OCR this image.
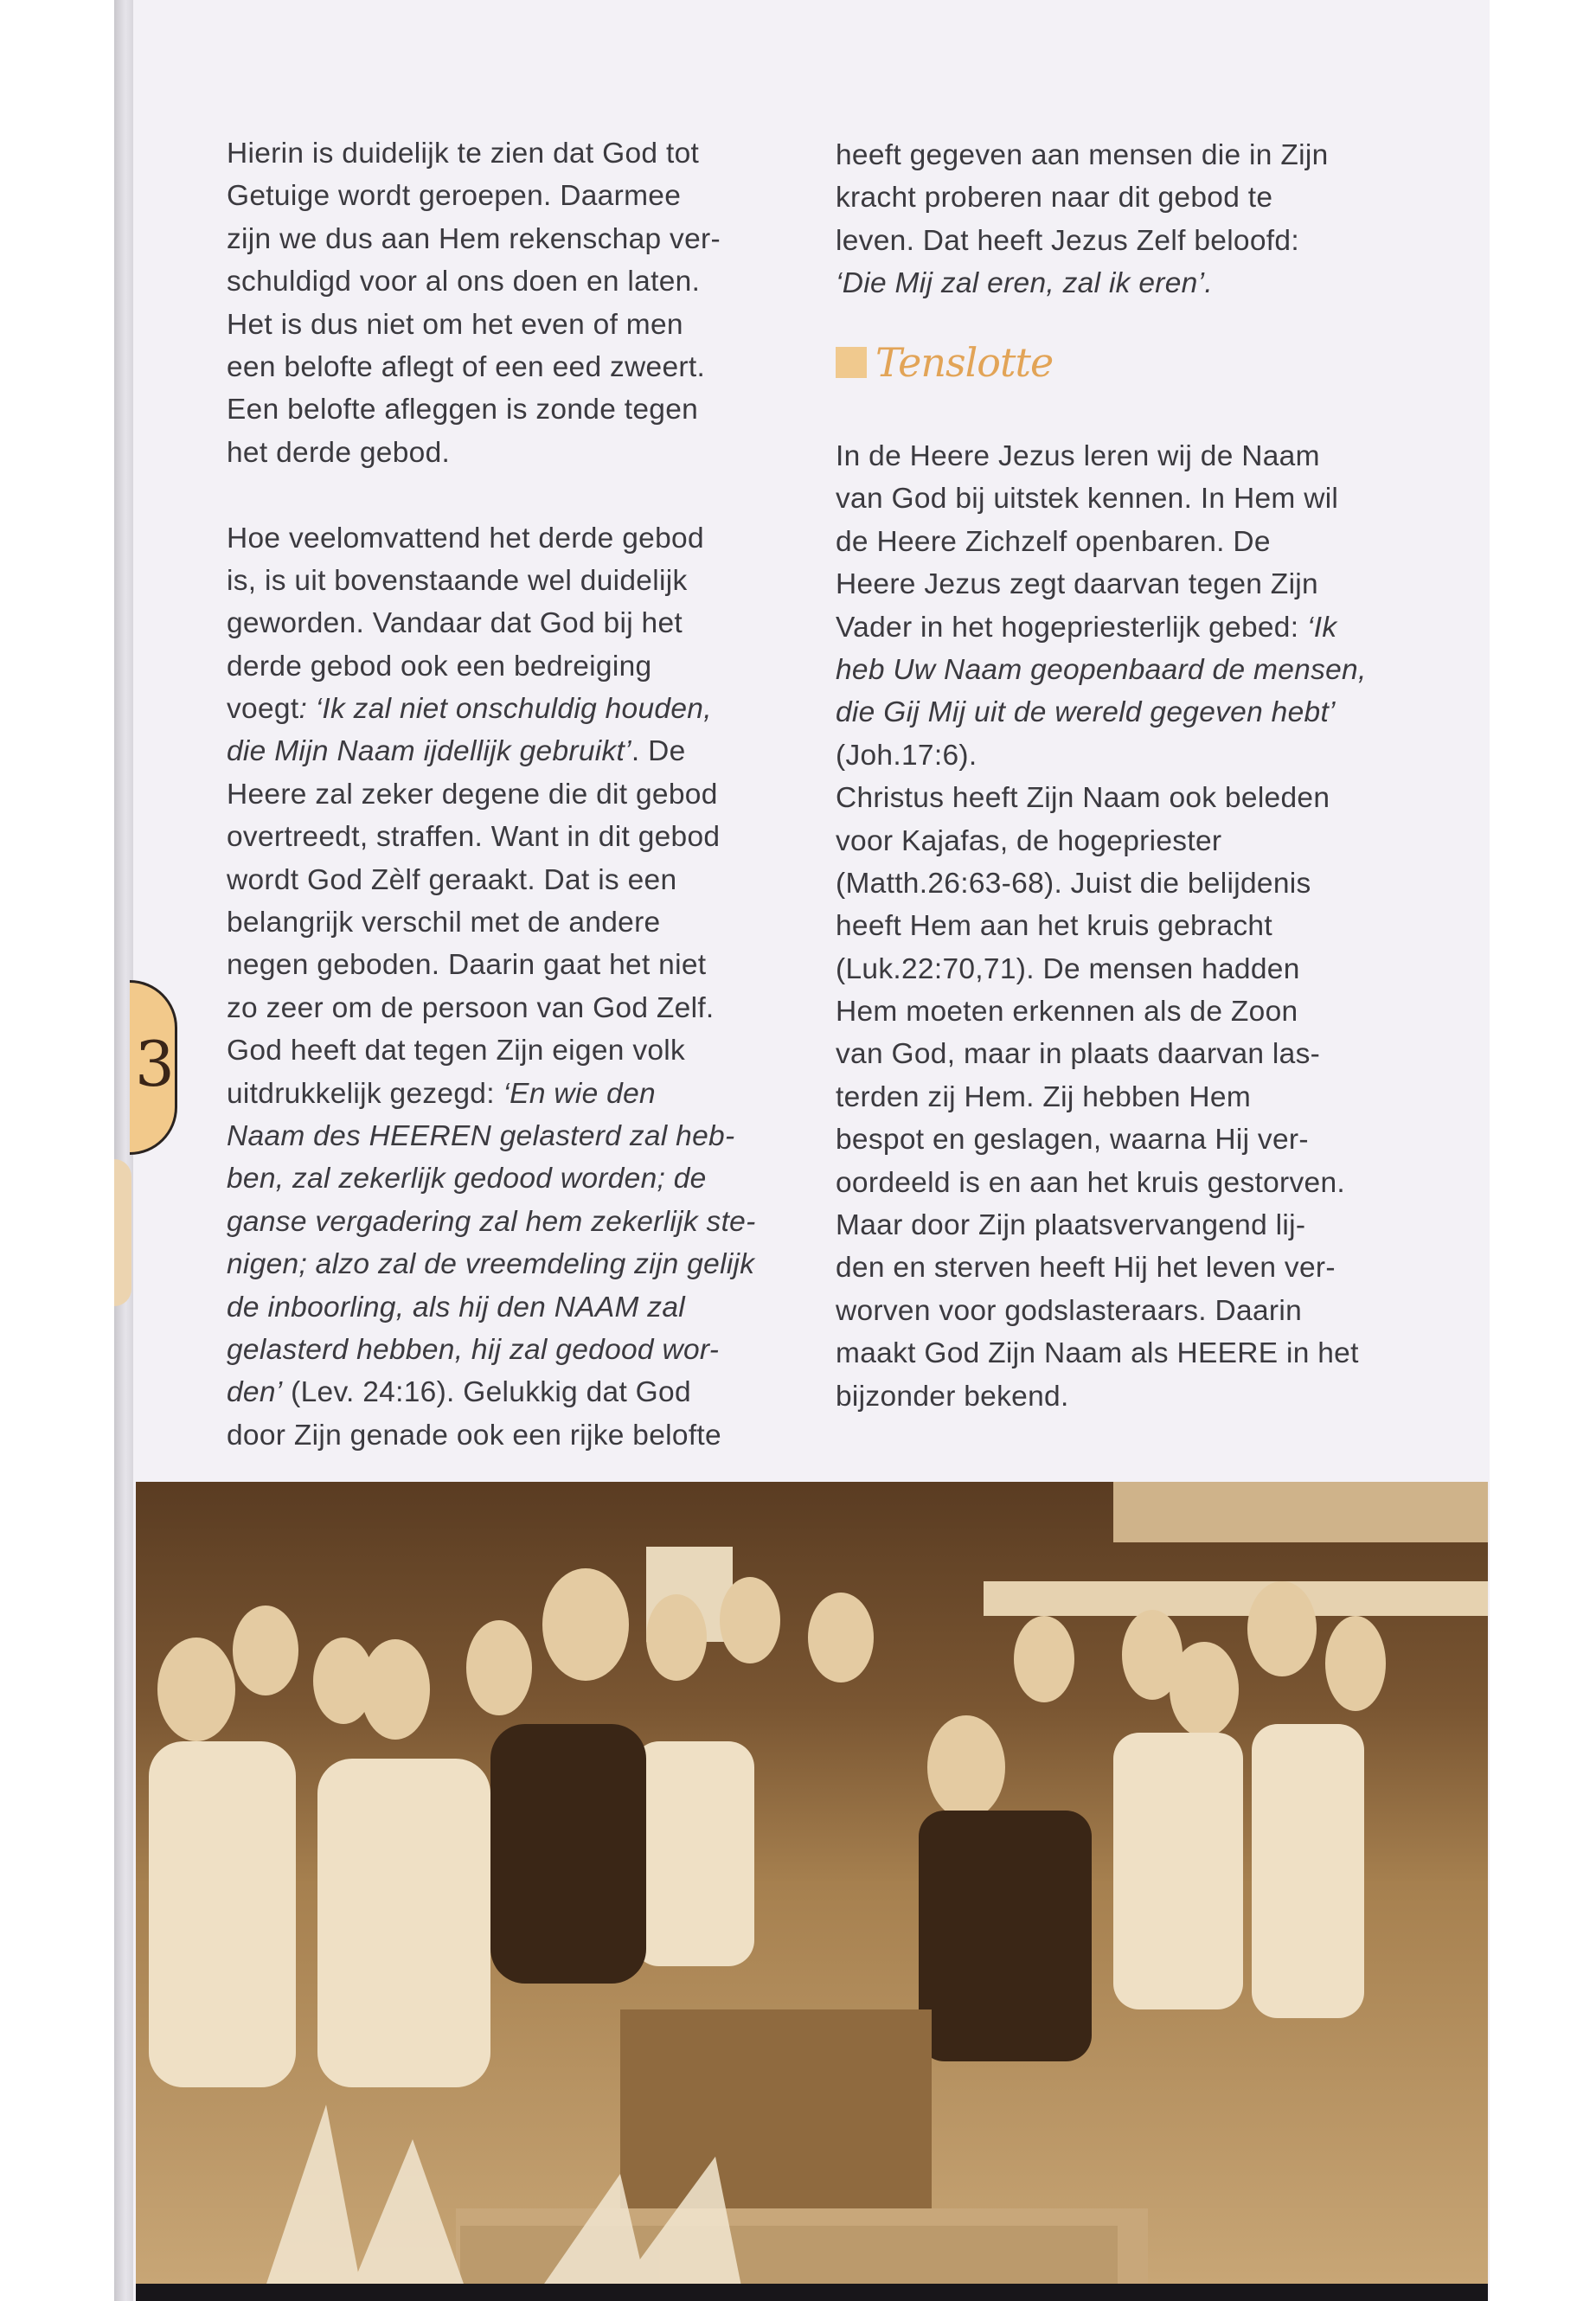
3
Hierin is duidelijk te zien dat God tot
Getuige wordt geroepen. Daarmee
zijn we dus aan Hem rekenschap ver-
schuldigd voor al ons doen en laten.
Het is dus niet om het even of men
een belofte aflegt of een eed zweert.
Een belofte afleggen is zonde tegen
het derde gebod.
Hoe veelomvattend het derde gebod
is, is uit bovenstaande wel duidelijk
geworden. Vandaar dat God bij het
derde gebod ook een bedreiging
voegt: ‘Ik zal niet onschuldig houden,
die Mijn Naam ijdellijk gebruikt’. De
Heere zal zeker degene die dit gebod
overtreedt, straffen. Want in dit gebod
wordt God Zèlf geraakt. Dat is een
belangrijk verschil met de andere
negen geboden. Daarin gaat het niet
zo zeer om de persoon van God Zelf.
God heeft dat tegen Zijn eigen volk
uitdrukkelijk gezegd: ‘En wie den
Naam des HEEREN gelasterd zal heb-
ben, zal zekerlijk gedood worden; de
ganse vergadering zal hem zekerlijk ste-
nigen; alzo zal de vreemdeling zijn gelijk
de inboorling, als hij den NAAM zal
gelasterd hebben, hij zal gedood wor-
den’ (Lev. 24:16). Gelukkig dat God
door Zijn genade ook een rijke belofte
heeft gegeven aan mensen die in Zijn
kracht proberen naar dit gebod te
leven. Dat heeft Jezus Zelf beloofd:
‘Die Mij zal eren, zal ik eren’.
Tenslotte
In de Heere Jezus leren wij de Naam
van God bij uitstek kennen. In Hem wil
de Heere Zichzelf openbaren. De
Heere Jezus zegt daarvan tegen Zijn
Vader in het hogepriesterlijk gebed: ‘Ik
heb Uw Naam geopenbaard de mensen,
die Gij Mij uit de wereld gegeven hebt’
(Joh.17:6).
Christus heeft Zijn Naam ook beleden
voor Kajafas, de hogepriester
(Matth.26:63-68). Juist die belijdenis
heeft Hem aan het kruis gebracht
(Luk.22:70,71). De mensen hadden
Hem moeten erkennen als de Zoon
van God, maar in plaats daarvan las-
terden zij Hem. Zij hebben Hem
bespot en geslagen, waarna Hij ver-
oordeeld is en aan het kruis gestorven.
Maar door Zijn plaatsvervangend lij-
den en sterven heeft Hij het leven ver-
worven voor godslasteraars. Daarin
maakt God Zijn Naam als HEERE in het
bijzonder bekend.
